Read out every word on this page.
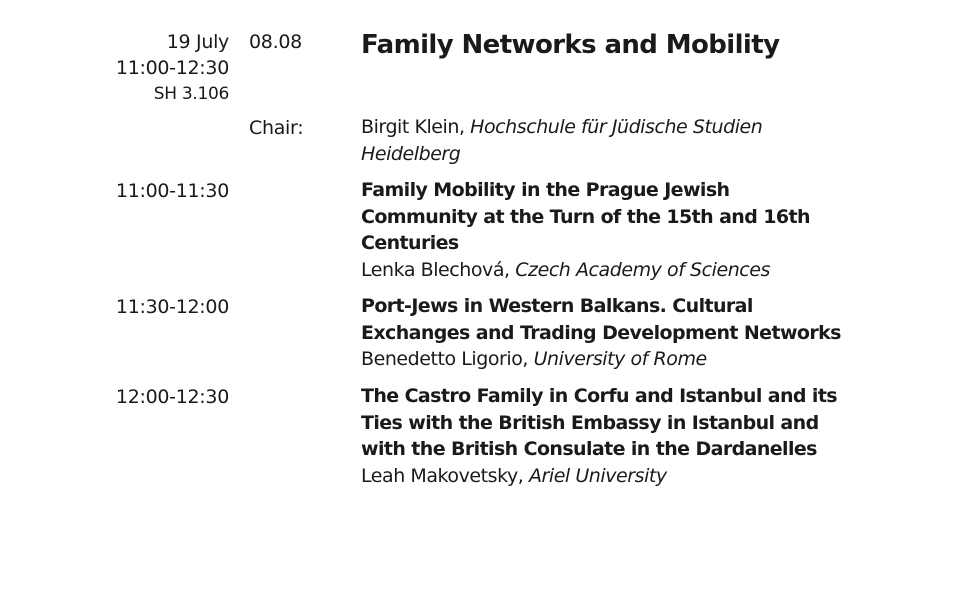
19 July
11:00-12:30
SH 3.106
08.08 Family Networks and Mobility
Chair:	Birgit Klein, Hochschule für Jüdische Studien
Heidelberg
11:00-11:30	Family Mobility in the Prague Jewish
Community at the Turn of the 15th and 16th
Centuries
Lenka Blechová, Czech Academy of Sciences
11:30-12:00	Port-Jews in Western Balkans. Cultural
Exchanges and Trading Development Networks
Benedetto Ligorio, University of Rome
12:00-12:30	The Castro Family in Corfu and Istanbul and its
Ties with the British Embassy in Istanbul and
with the British Consulate in the Dardanelles
Leah Makovetsky, Ariel University
